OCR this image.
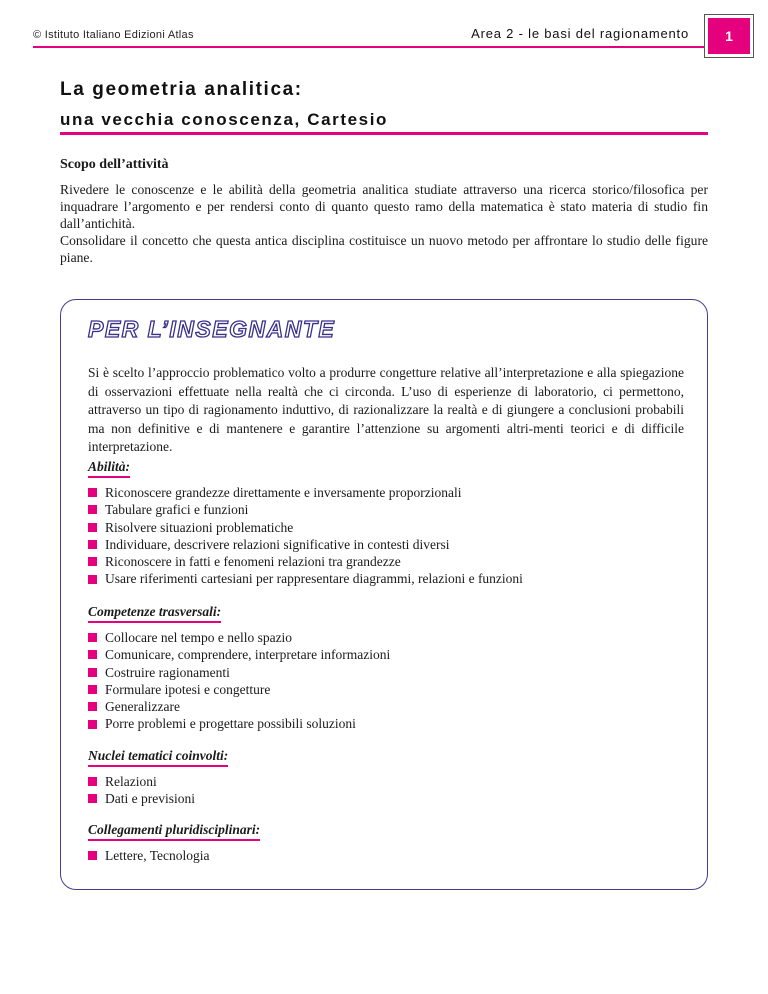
© Istituto Italiano Edizioni Atlas	Area 2 - le basi del ragionamento	1
La geometria analitica:
una vecchia conoscenza, Cartesio
Scopo dell’attività

Rivedere le conoscenze e le abilità della geometria analitica studiate attraverso una ricerca storico/filosofica per inquadrare l’argomento e per rendersi conto di quanto questo ramo della matematica è stato materia di studio fin dall’antichità.

Consolidare il concetto che questa antica disciplina costituisce un nuovo metodo per affrontare lo studio delle figure piane.

PER L’INSEGNANTE
Si è scelto l’approccio problematico volto a produrre congetture relative all’interpretazione e alla spiegazione di osservazioni effettuate nella realtà che ci circonda. L’uso di esperienze di laboratorio, ci permettono, attraverso un tipo di ragionamento induttivo, di razionalizzare la realtà e di giungere a conclusioni probabili ma non definitive e di mantenere e garantire l’attenzione su argomenti altri-menti teorici e di difficile interpretazione.
Abilità:
Riconoscere grandezze direttamente e inversamente proporzionali
Tabulare grafici e funzioni
Risolvere situazioni problematiche
Individuare, descrivere relazioni significative in contesti diversi
Riconoscere in fatti e fenomeni relazioni tra grandezze
Usare riferimenti cartesiani per rappresentare diagrammi, relazioni e funzioni
Competenze trasversali:
Collocare nel tempo e nello spazio
Comunicare, comprendere, interpretare informazioni
Costruire ragionamenti
Formulare ipotesi e congetture
Generalizzare
Porre problemi e progettare possibili soluzioni
Nuclei tematici coinvolti:
Relazioni
Dati e previsioni
Collegamenti pluridisciplinari:
Lettere, Tecnologia
